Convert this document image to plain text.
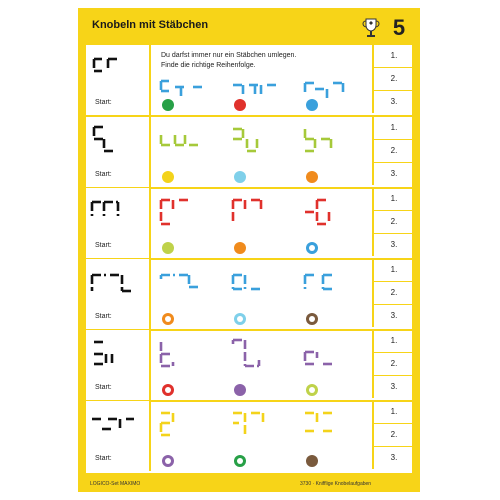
Knobeln mit Stäbchen	5
Start:
Du darfst immer nur ein Stäbchen umlegen.
Finde die richtige Reihenfolge.
1.
2.
3.
Start:
1.
2.
3.
Start:
1.
2.
3.
Start:
1.
2.
3.
Start:
1.
2.
3.
Start:
1.
2.
3.
LOGICO-Set MAXIMO	3730 · Knifflige Knobelaufgaben
